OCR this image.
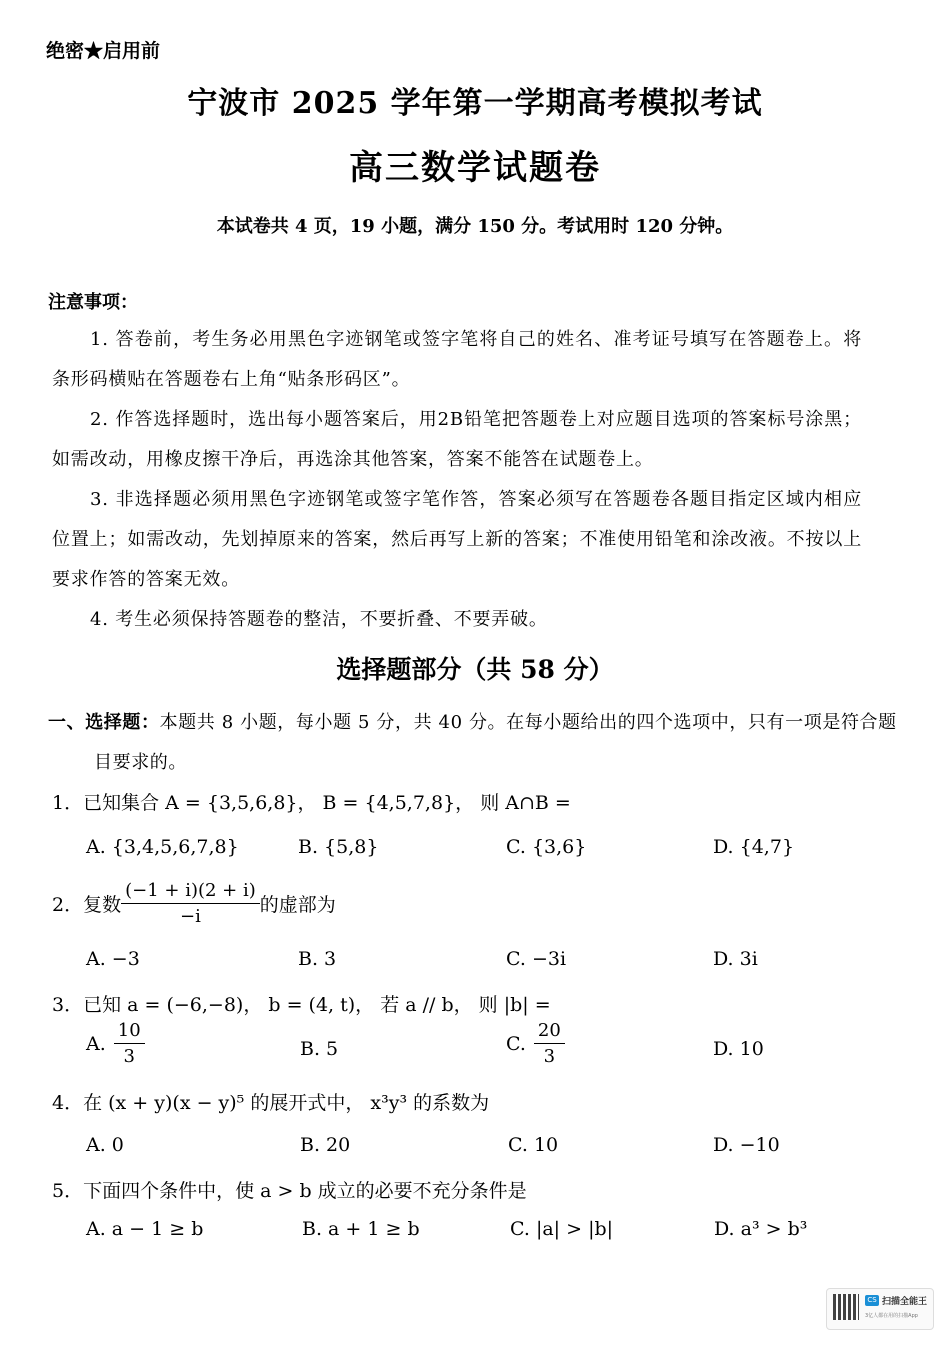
绝密★启用前
宁波市 2025 学年第一学期高考模拟考试
高三数学试题卷
本试卷共 4 页，19 小题，满分 150 分。考试用时 120 分钟。
注意事项：
1. 答卷前，考生务必用黑色字迹钢笔或签字笔将自己的姓名、准考证号填写在答题卷上。将条形码横贴在答题卷右上角“贴条形码区”。
2. 作答选择题时，选出每小题答案后，用2B铅笔把答题卷上对应题目选项的答案标号涂黑；如需改动，用橡皮擦干净后，再选涂其他答案，答案不能答在试题卷上。
3. 非选择题必须用黑色字迹钢笔或签字笔作答，答案必须写在答题卷各题目指定区域内相应位置上；如需改动，先划掉原来的答案，然后再写上新的答案；不准使用铅笔和涂改液。不按以上要求作答的答案无效。
4. 考生必须保持答题卷的整洁，不要折叠、不要弄破。
选择题部分（共 58 分）
一、选择题：本题共 8 小题，每小题 5 分，共 40 分。在每小题给出的四个选项中，只有一项是符合题目要求的。
1．已知集合 A = {3,5,6,8}， B = {4,5,7,8}， 则 A∩B =
A. {3,4,5,6,7,8}	B. {5,8}	C. {3,6}	D. {4,7}
2． 复数 $\frac{(-1 + i)(2 + i)}{-i}$ 的虚部为
A. −3	B. 3	C. −3i	D. 3i
3．已知 a = (−6,−8)， b = (4, t)， 若 a // b， 则 |b| =
A. $\frac{10}{3}$	B. 5	C. $\frac{20}{3}$	D. 10
4．在 (x + y)(x − y)⁵ 的展开式中， x³y³ 的系数为
A. 0	B. 20	C. 10	D. −10
5．下面四个条件中，使 a > b 成立的必要不充分条件是
A. a − 1 ≥ b	B. a + 1 ≥ b	C. |a| > |b|	D. a³ > b³
CS 扫描全能王
3亿人都在用的扫描App
